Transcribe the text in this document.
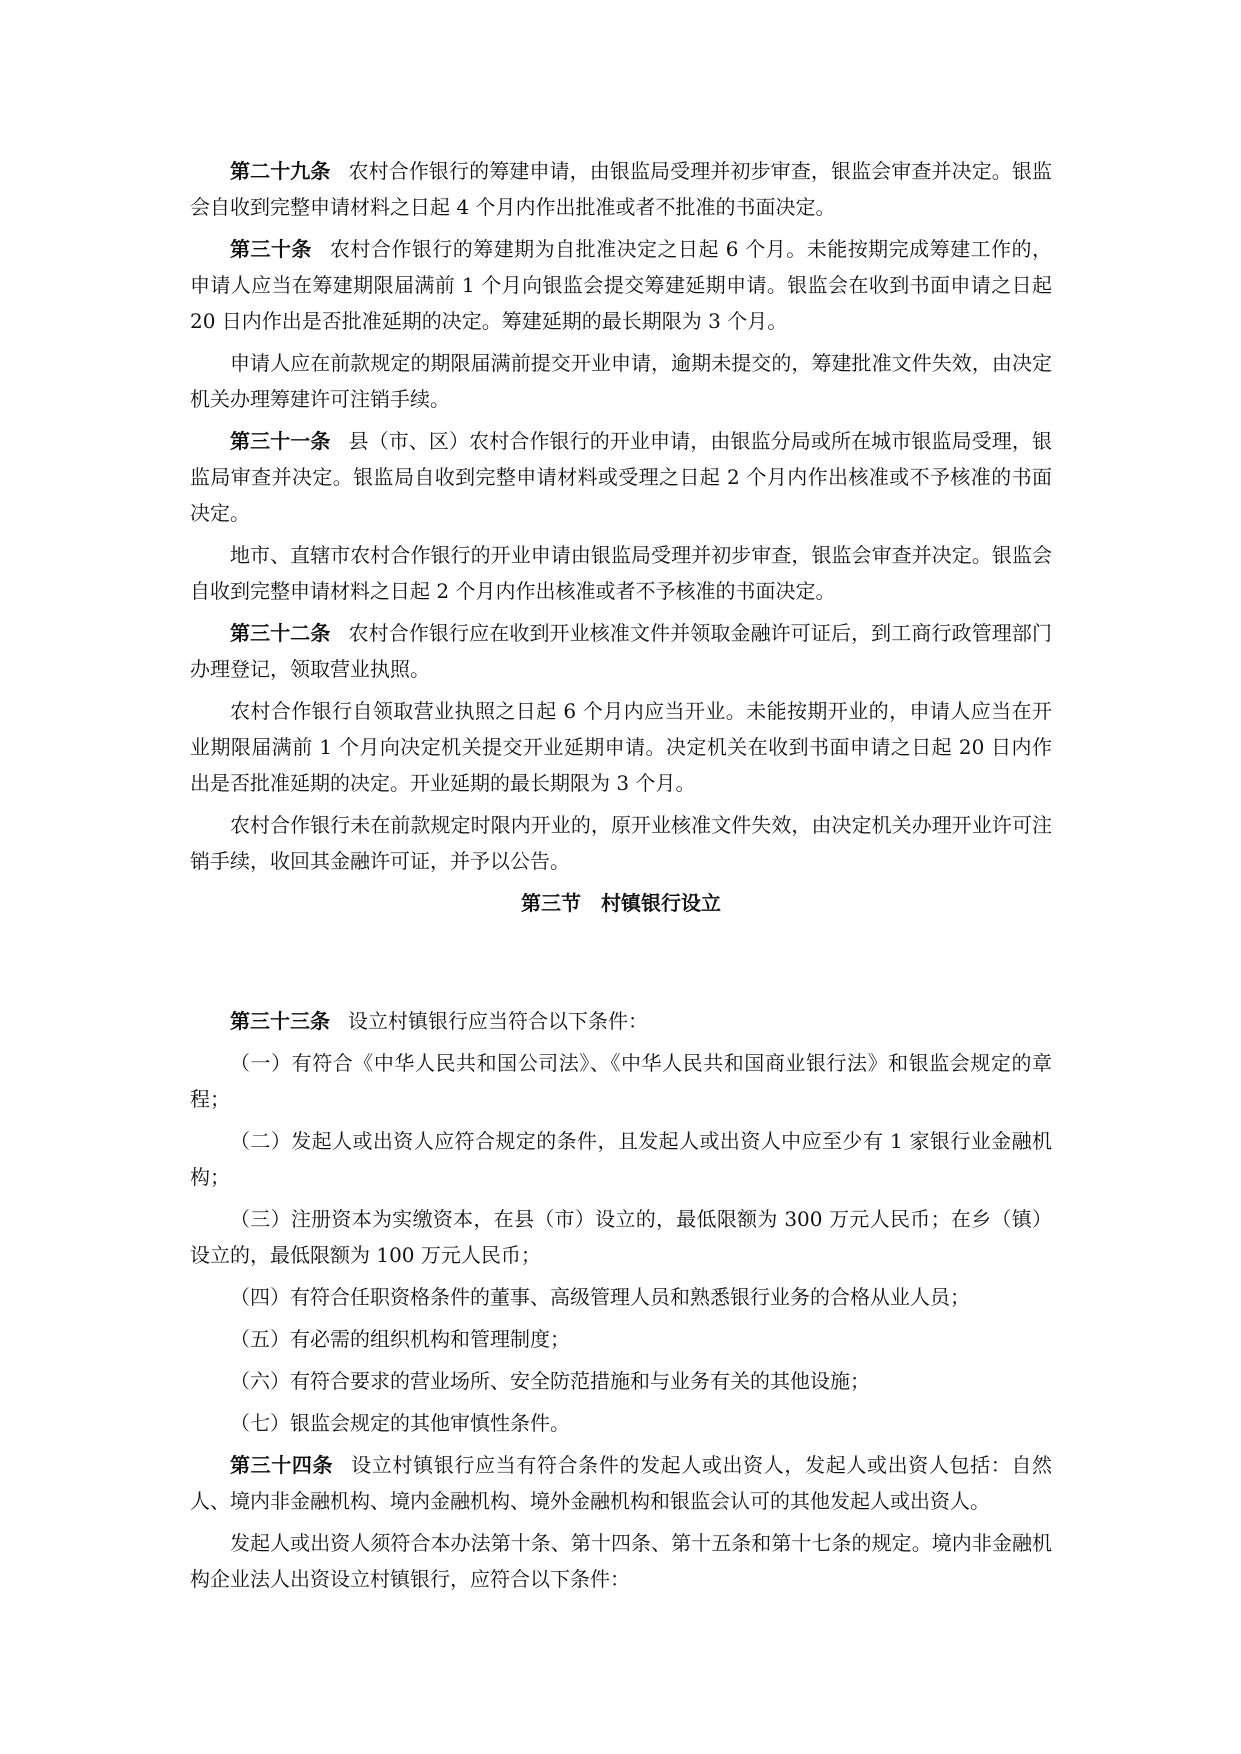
第二十九条 农村合作银行的筹建申请，由银监局受理并初步审查，银监会审查并决定。银监会自收到完整申请材料之日起 4 个月内作出批准或者不批准的书面决定。

第三十条 农村合作银行的筹建期为自批准决定之日起 6 个月。未能按期完成筹建工作的，申请人应当在筹建期限届满前 1 个月向银监会提交筹建延期申请。银监会在收到书面申请之日起 20 日内作出是否批准延期的决定。筹建延期的最长期限为 3 个月。

申请人应在前款规定的期限届满前提交开业申请，逾期未提交的，筹建批准文件失效，由决定机关办理筹建许可注销手续。

第三十一条 县（市、区）农村合作银行的开业申请，由银监分局或所在城市银监局受理，银监局审查并决定。银监局自收到完整申请材料或受理之日起 2 个月内作出核准或不予核准的书面决定。

地市、直辖市农村合作银行的开业申请由银监局受理并初步审查，银监会审查并决定。银监会自收到完整申请材料之日起 2 个月内作出核准或者不予核准的书面决定。

第三十二条 农村合作银行应在收到开业核准文件并领取金融许可证后，到工商行政管理部门办理登记，领取营业执照。

农村合作银行自领取营业执照之日起 6 个月内应当开业。未能按期开业的，申请人应当在开业期限届满前 1 个月向决定机关提交开业延期申请。决定机关在收到书面申请之日起 20 日内作出是否批准延期的决定。开业延期的最长期限为 3 个月。

农村合作银行未在前款规定时限内开业的，原开业核准文件失效，由决定机关办理开业许可注销手续，收回其金融许可证，并予以公告。

第三节　村镇银行设立

第三十三条 设立村镇银行应当符合以下条件：

（一）有符合《中华人民共和国公司法》、《中华人民共和国商业银行法》和银监会规定的章程；

（二）发起人或出资人应符合规定的条件，且发起人或出资人中应至少有 1 家银行业金融机构；

（三）注册资本为实缴资本，在县（市）设立的，最低限额为 300 万元人民币；在乡（镇）设立的，最低限额为 100 万元人民币；

（四）有符合任职资格条件的董事、高级管理人员和熟悉银行业务的合格从业人员；

（五）有必需的组织机构和管理制度；

（六）有符合要求的营业场所、安全防范措施和与业务有关的其他设施；

（七）银监会规定的其他审慎性条件。

第三十四条 设立村镇银行应当有符合条件的发起人或出资人，发起人或出资人包括：自然人、境内非金融机构、境内金融机构、境外金融机构和银监会认可的其他发起人或出资人。

发起人或出资人须符合本办法第十条、第十四条、第十五条和第十七条的规定。境内非金融机构企业法人出资设立村镇银行，应符合以下条件：
